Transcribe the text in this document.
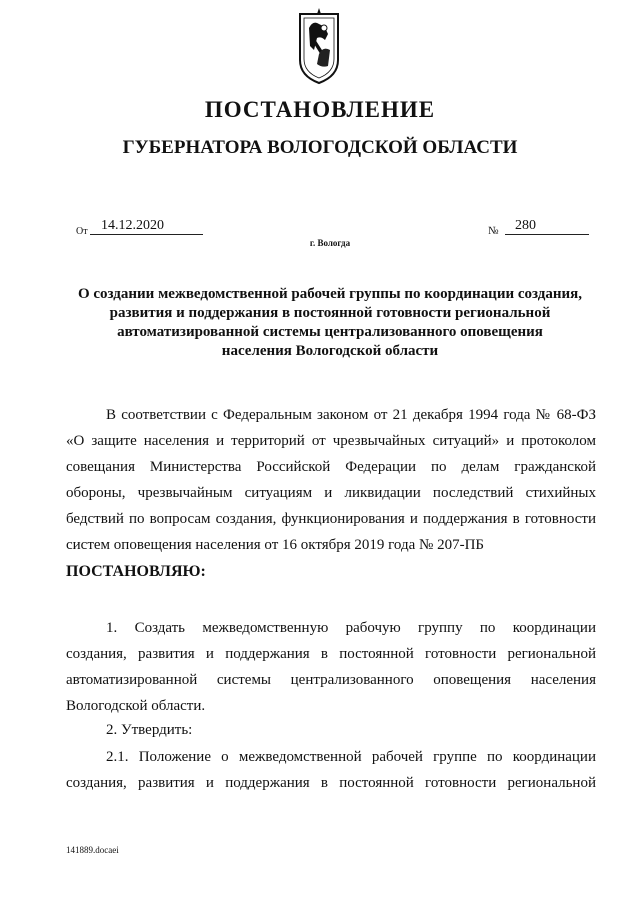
ПОСТАНОВЛЕНИЕ
ГУБЕРНАТОРА ВОЛОГОДСКОЙ ОБЛАСТИ
От 14.12.2020	№	280
г. Вологда
О создании межведомственной рабочей группы по координации создания,
развития и поддержания в постоянной готовности региональной
автоматизированной системы централизованного оповещения
населения Вологодской области
В соответствии с Федеральным законом от 21 декабря 1994 года № 68-ФЗ
«О защите населения и территорий от чрезвычайных ситуаций» и протоколом
совещания Министерства Российской Федерации по делам гражданской
обороны, чрезвычайным ситуациям и ликвидации последствий стихийных
бедствий по вопросам создания, функционирования и поддержания в готовности
систем оповещения населения от 16 октября 2019 года № 207-ПБ
ПОСТАНОВЛЯЮ:
1. Создать межведомственную рабочую группу по координации
создания, развития и поддержания в постоянной готовности региональной
автоматизированной системы централизованного оповещения населения
Вологодской области.
2. Утвердить:
2.1. Положение о межведомственной рабочей группе по координации
создания, развития и поддержания в постоянной готовности региональной
141889.docaei
